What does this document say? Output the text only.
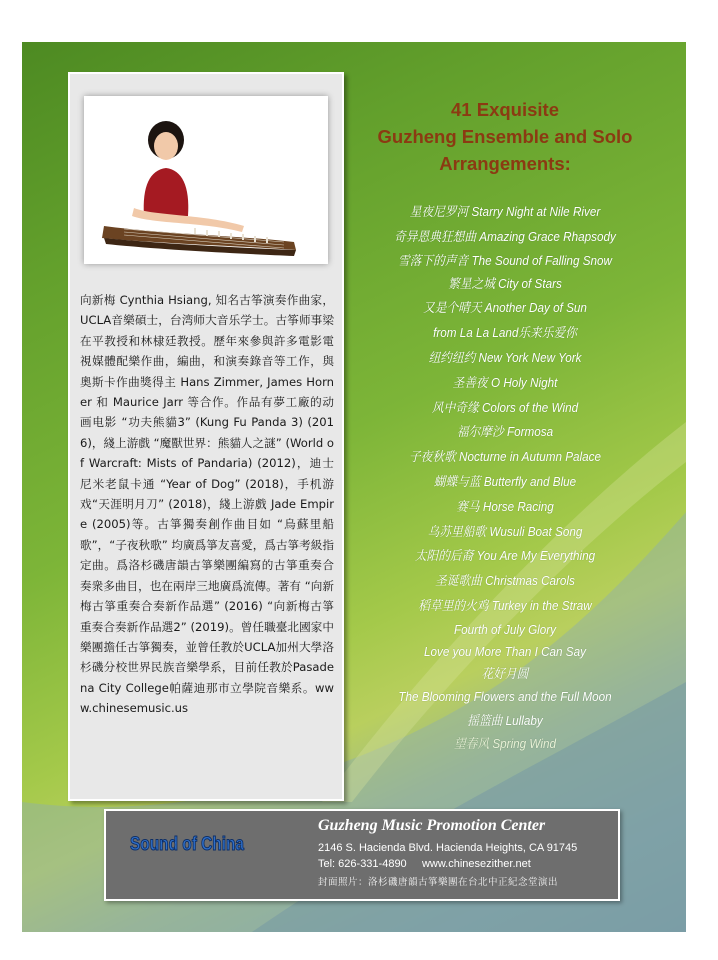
向新梅 Cynthia Hsiang, 知名古筝演奏作曲家，UCLA音樂碩士，台湾师大音乐学士。古筝师事梁在平教授和林棣廷教授。歷年來參與許多電影電視媒體配樂作曲，編曲，和演奏錄音等工作，與奧斯卡作曲獎得主 Hans Zimmer, James Horner 和 Maurice Jarr 等合作。作品有夢工廠的动画电影 “功夫熊貓3” (Kung Fu Panda 3) (2016)，綫上游戲 “魔獸世界：熊貓人之謎” (World of Warcraft: Mists of Pandaria) (2012)，迪士尼米老鼠卡通 “Year of Dog” (2018)，手机游戏“天涯明月刀” (2018)，綫上游戲 Jade Empire (2005)等。古箏獨奏創作曲目如 “烏蘇里船歌”，“子夜秋歌” 均廣爲箏友喜愛，爲古箏考級指定曲。爲洛杉磯唐韻古箏樂團編寫的古箏重奏合奏衆多曲目，也在兩岸三地廣爲流傳。著有 “向新梅古箏重奏合奏新作品選” (2016) “向新梅古箏重奏合奏新作品選2” (2019)。曾任職臺北國家中樂團擔任古箏獨奏，並曾任教於UCLA加州大學洛杉磯分校世界民族音樂學系，目前任教於Pasadena City College帕薩迪那市立學院音樂系。www.chinesemusic.us
41 Exquisite
Guzheng Ensemble and Solo
Arrangements:
星夜尼罗河 Starry Night at Nile River
奇异恩典狂想曲 Amazing Grace Rhapsody
雪落下的声音 The Sound of Falling Snow
繁星之城 City of Stars
又是个晴天 Another Day of Sun
from La La Land乐来乐爱你
纽约纽约 New York New York
圣善夜 O Holy Night
风中奇缘 Colors of the Wind
福尔摩沙 Formosa
子夜秋歌 Nocturne in Autumn Palace
蝴蝶与蓝 Butterfly and Blue
赛马 Horse Racing
乌苏里船歌 Wusuli Boat Song
太阳的后裔 You Are My Everything
圣诞歌曲 Christmas Carols
稻草里的火鸡 Turkey in the Straw
Fourth of July Glory
Love you More Than I Can Say
花好月圆
The Blooming Flowers and the Full Moon
摇篮曲 Lullaby
望春风 Spring Wind
Sound of China
Guzheng Music Promotion Center
2146 S. Hacienda Blvd. Hacienda Heights, CA 91745
Tel: 626-331-4890     www.chinesezither.net
封面照片：洛杉磯唐韻古箏樂團在台北中正紀念堂演出
